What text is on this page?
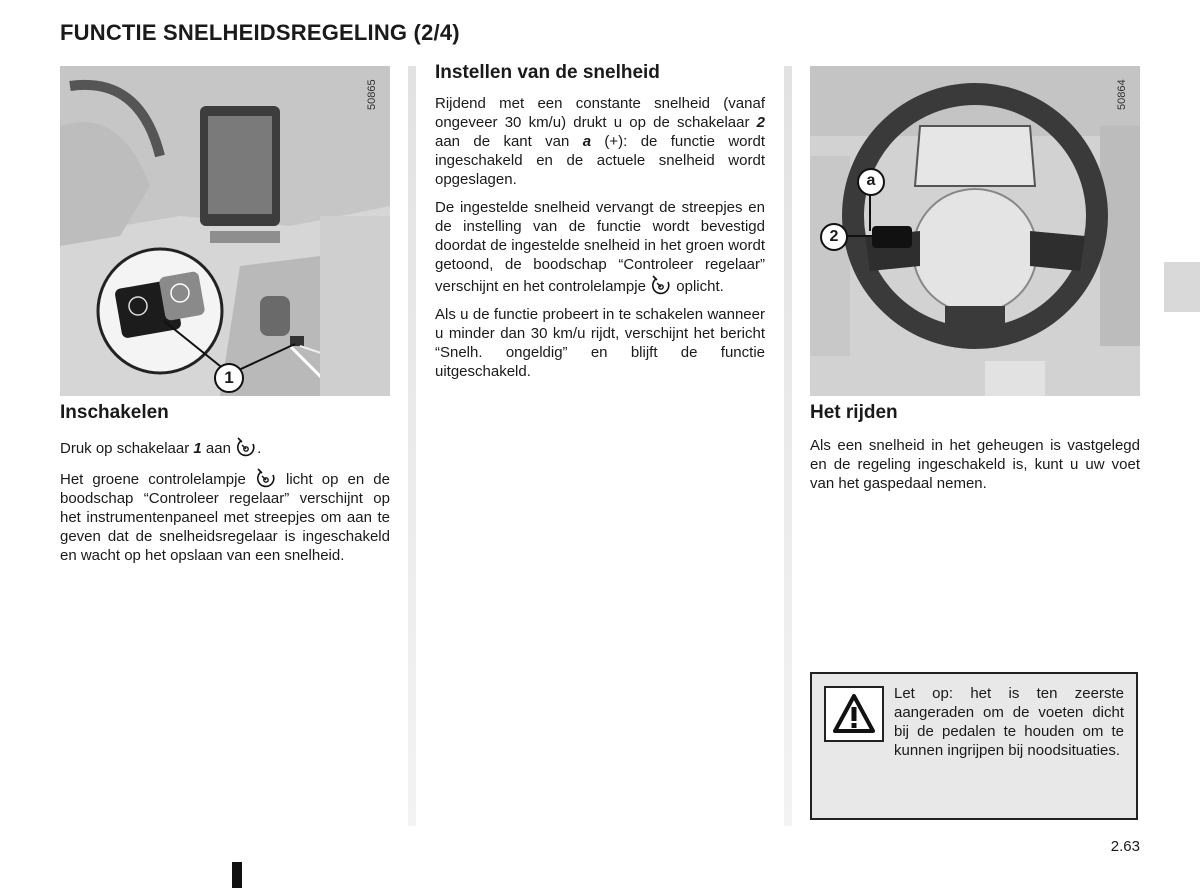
FUNCTIE SNELHEIDSREGELING (2/4)
1
50865
Inschakelen

Druk op schakelaar 1 aan .

Het groene controlelampje  licht op en de boodschap “Controleer regelaar” verschijnt op het instrumentenpaneel met streepjes om aan te geven dat de snelheidsregelaar is ingeschakeld en wacht op het opslaan van een snelheid.

Instellen van de snelheid

Rijdend met een constante snelheid (vanaf ongeveer 30 km/u) drukt u op de schakelaar 2 aan de kant van a (+): de functie wordt ingeschakeld en de actuele snelheid wordt opgeslagen.

De ingestelde snelheid vervangt de streepjes en de instelling van de functie wordt bevestigd doordat de ingestelde snelheid in het groen wordt getoond, de boodschap “Controleer regelaar” verschijnt en het controlelampje  oplicht.

Als u de functie probeert in te schakelen wanneer u minder dan 30 km/u rijdt, verschijnt het bericht “Snelh. ongeldig” en blijft de functie uitgeschakeld.

a
2
50864
Het rijden

Als een snelheid in het geheugen is vastgelegd en de regeling ingeschakeld is, kunt u uw voet van het gaspedaal nemen.

Let op: het is ten zeerste aangeraden om de voeten dicht bij de pedalen te houden om te kunnen ingrijpen bij noodsituaties.
2.63
